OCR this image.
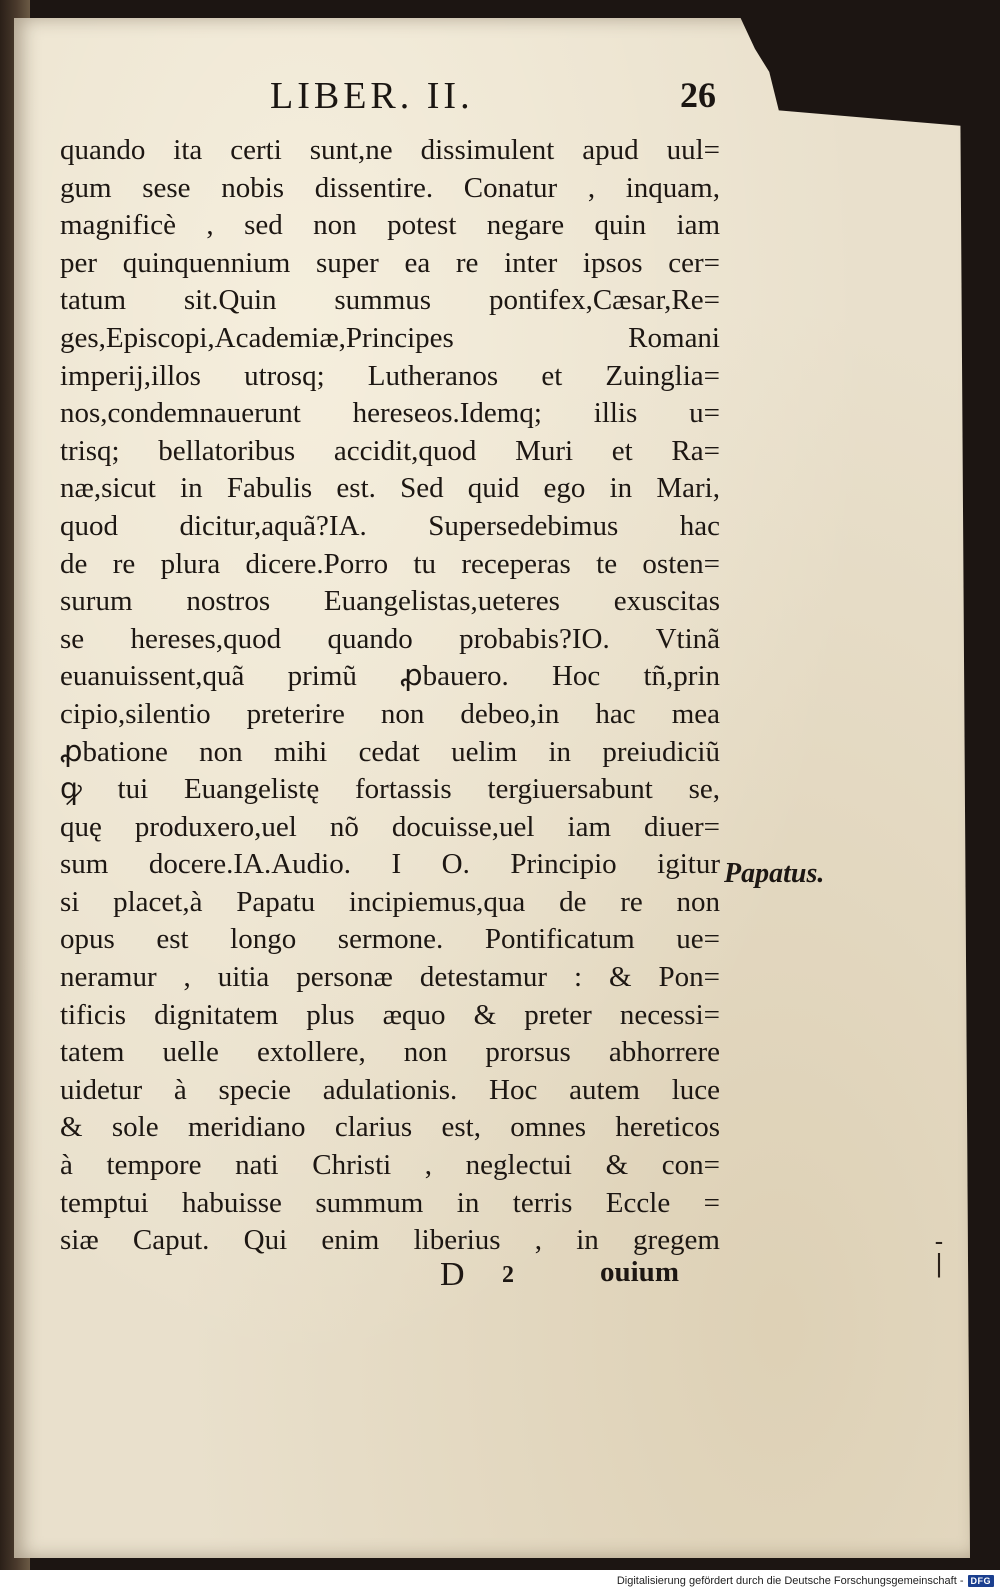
LIBER. II.	26
quando ita certi sunt,ne dissimulent apud uul=
gum sese nobis dissentire. Conatur , inquam,
magnificè , sed non potest negare quin iam
per quinquennium super ea re inter ipsos cer=
tatum sit.Quin summus pontifex,Cæsar,Re=
ges,Episcopi,Academiæ,Principes Romani
imperij,illos utrosq; Lutheranos et Zuinglia=
nos,condemnauerunt hereseos.Idemq; illis u=
trisq; bellatoribus accidit,quod Muri et Ra=
næ,sicut in Fabulis est. Sed quid ego in Mari,
quod dicitur,aquã?IA. Supersedebimus hac
de re plura dicere.Porro tu receperas te osten=
surum nostros Euangelistas,ueteres exuscitas
se hereses,quod quando probabis?IO. Vtinã
euanuissent,quã primũ ꝓbauero. Hoc tñ,prin
cipio,silentio preterire non debeo,in hac mea
ꝓbatione non mihi cedat uelim in preiudiciũ
ꝙ tui Euangelistę fortassis tergiuersabunt se,
quę produxero,uel nõ docuisse,uel iam diuer=
sum docere.IA.Audio. I O. Principio igitur
si placet,à Papatu incipiemus,qua de re non
opus est longo sermone. Pontificatum ue=
neramur , uitia personæ detestamur : & Pon=
tificis dignitatem plus æquo & preter necessi=
tatem uelle extollere, non prorsus abhorrere
uidetur à specie adulationis. Hoc autem luce
& sole meridiano clarius est, omnes hereticos
à tempore nati Christi , neglectui & con=
temptui habuisse summum in terris Eccle =
siæ Caput. Qui enim liberius , in gregem
Papatus.
D 2	ouium
-
|
Digitalisierung gefördert durch die Deutsche Forschungsgemeinschaft - DFG
